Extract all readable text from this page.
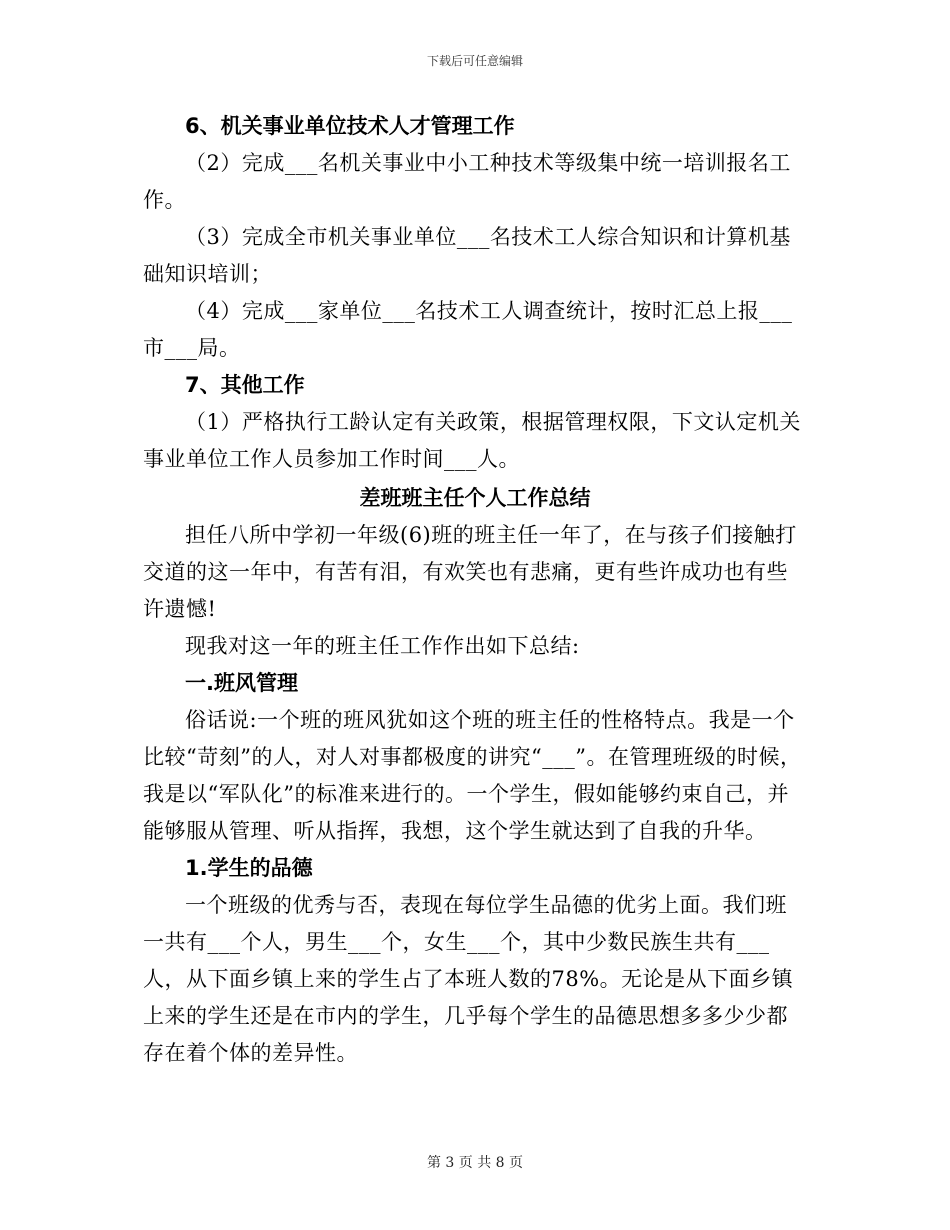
下载后可任意编辑

6、机关事业单位技术人才管理工作

（2）完成___名机关事业中小工种技术等级集中统一培训报名工作。

（3）完成全市机关事业单位___名技术工人综合知识和计算机基础知识培训；

（4）完成___家单位___名技术工人调查统计，按时汇总上报___市___局。

7、其他工作

（1）严格执行工龄认定有关政策，根据管理权限，下文认定机关事业单位工作人员参加工作时间___人。

差班班主任个人工作总结

担任八所中学初一年级(6)班的班主任一年了，在与孩子们接触打交道的这一年中，有苦有泪，有欢笑也有悲痛，更有些许成功也有些许遗憾!

现我对这一年的班主任工作作出如下总结:

一.班风管理

俗话说:一个班的班风犹如这个班的班主任的性格特点。我是一个比较“苛刻”的人，对人对事都极度的讲究“___”。在管理班级的时候，我是以“军队化”的标准来进行的。一个学生，假如能够约束自己，并能够服从管理、听从指挥，我想，这个学生就达到了自我的升华。

1.学生的品德

一个班级的优秀与否，表现在每位学生品德的优劣上面。我们班一共有___个人，男生___个，女生___个，其中少数民族生共有___人，从下面乡镇上来的学生占了本班人数的78%。无论是从下面乡镇上来的学生还是在市内的学生，几乎每个学生的品德思想多多少少都存在着个体的差异性。

第 3 页 共 8 页
